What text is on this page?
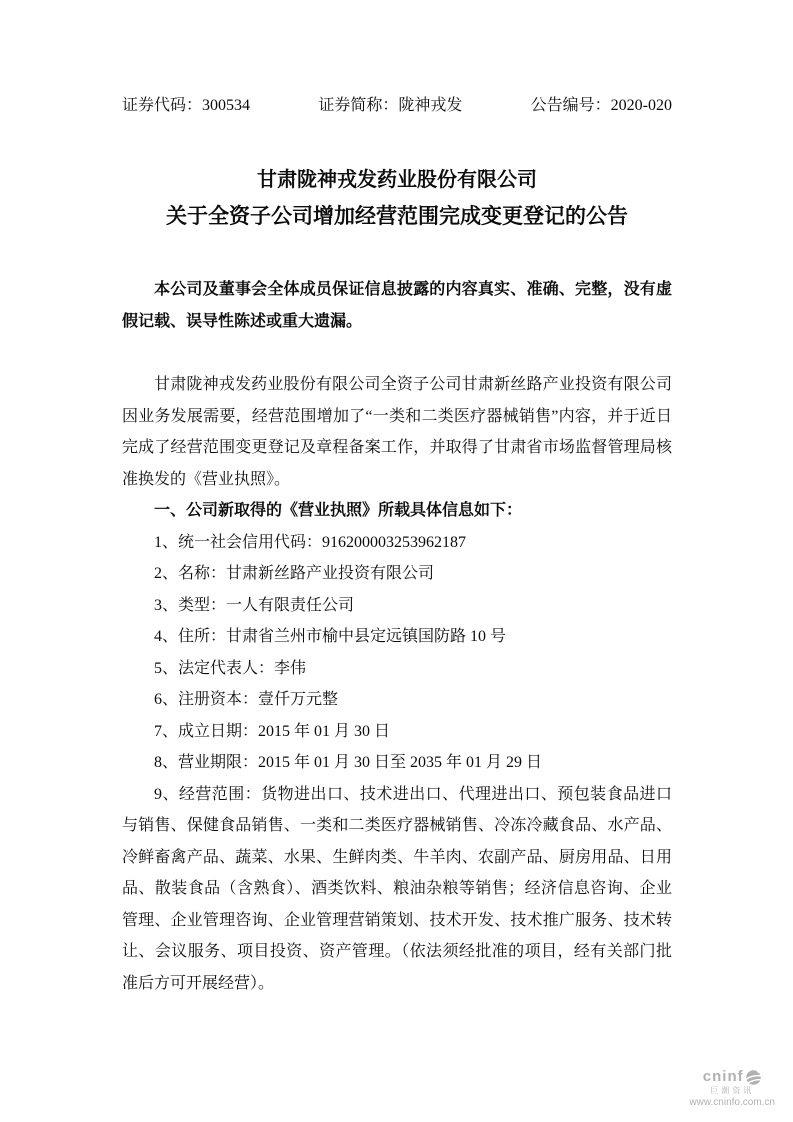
证券代码：300534	证券简称：陇神戎发	公告编号：2020-020
甘肃陇神戎发药业股份有限公司
关于全资子公司增加经营范围完成变更登记的公告

本公司及董事会全体成员保证信息披露的内容真实、准确、完整，没有虚假记载、误导性陈述或重大遗漏。

甘肃陇神戎发药业股份有限公司全资子公司甘肃新丝路产业投资有限公司因业务发展需要，经营范围增加了“一类和二类医疗器械销售”内容，并于近日完成了经营范围变更登记及章程备案工作，并取得了甘肃省市场监督管理局核准换发的《营业执照》。

一、公司新取得的《营业执照》所载具体信息如下：

1、统一社会信用代码：916200003253962187

2、名称：甘肃新丝路产业投资有限公司

3、类型：一人有限责任公司

4、住所：甘肃省兰州市榆中县定远镇国防路 10 号

5、法定代表人：李伟

6、注册资本：壹仟万元整

7、成立日期：2015 年 01 月 30 日

8、营业期限：2015 年 01 月 30 日至 2035 年 01 月 29 日

9、经营范围：货物进出口、技术进出口、代理进出口、预包装食品进口与销售、保健食品销售、一类和二类医疗器械销售、冷冻冷藏食品、水产品、冷鲜畜禽产品、蔬菜、水果、生鲜肉类、牛羊肉、农副产品、厨房用品、日用品、散装食品（含熟食）、酒类饮料、粮油杂粮等销售；经济信息咨询、企业管理、企业管理咨询、企业管理营销策划、技术开发、技术推广服务、技术转让、会议服务、项目投资、资产管理。（依法须经批准的项目，经有关部门批准后方可开展经营）。

cninf
巨潮资讯
www.cninfo.com.cn
